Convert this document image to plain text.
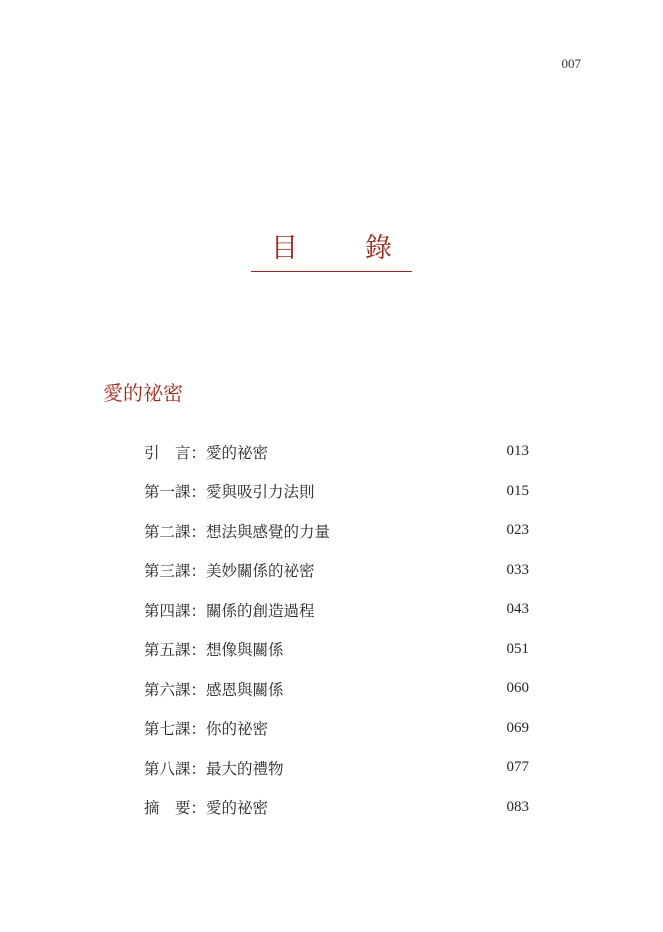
007
目　錄
愛的祕密
引　言：愛的祕密	013
第一課：愛與吸引力法則	015
第二課：想法與感覺的力量	023
第三課：美妙關係的祕密	033
第四課：關係的創造過程	043
第五課：想像與關係	051
第六課：感恩與關係	060
第七課：你的祕密	069
第八課：最大的禮物	077
摘　要：愛的祕密	083
